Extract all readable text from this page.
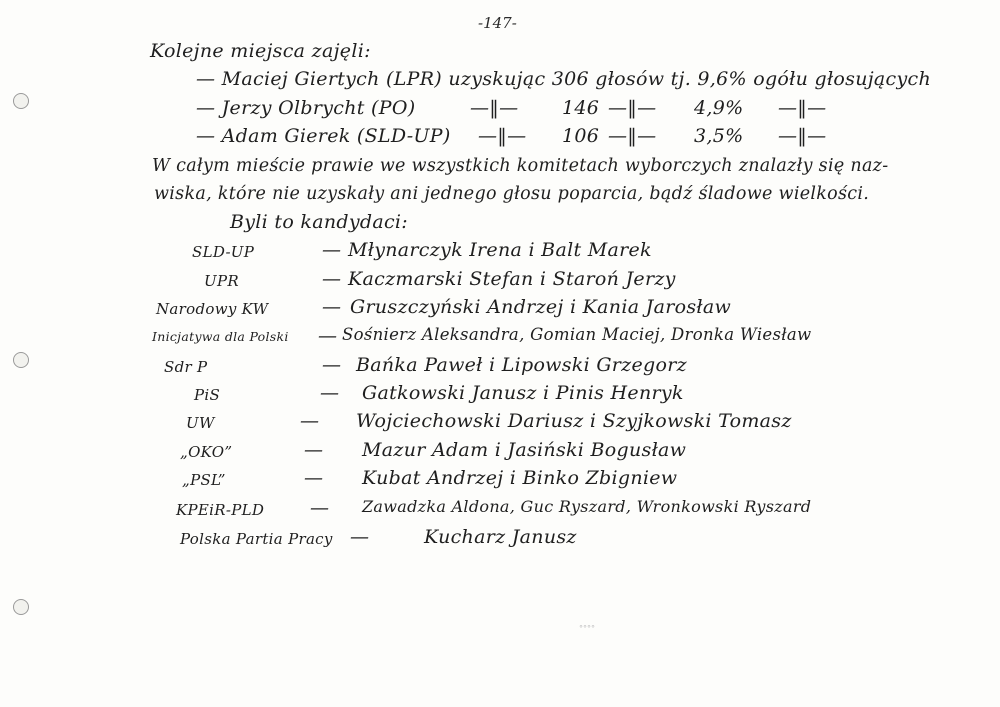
-147-
Kolejne miejsca zajęli:
— Maciej Giertych (LPR) uzyskując 306 głosów tj. 9,6% ogółu głosujących
— Jerzy Olbrycht (PO)	—‖— 146 —‖— 4,9% —‖—
— Adam Gierek (SLD-UP) —‖— 106 —‖— 3,5% —‖—
W całym mieście prawie we wszystkich komitetach wyborczych znalazły się naz-
wiska, które nie uzyskały ani jednego głosu poparcia, bądź śladowe wielkości.
Byli to kandydaci:
SLD-UP	— Młynarczyk Irena i Balt Marek
UPR	— Kaczmarski Stefan i Staroń Jerzy
Narodowy KW	— Gruszczyński Andrzej i Kania Jarosław
Inicjatywa dla Polski — Sośnierz Aleksandra, Gomian Maciej, Dronka Wiesław
Sdr P	— Bańka Paweł i Lipowski Grzegorz
PiS	— Gatkowski Janusz i Pinis Henryk
UW	— Wojciechowski Dariusz i Szyjkowski Tomasz
„OKO”	— Mazur Adam i Jasiński Bogusław
„PSL”	— Kubat Andrzej i Binko Zbigniew
KPEiR-PLD — Zawadzka Aldona, Guc Ryszard, Wronkowski Ryszard
Polska Partia Pracy —	Kucharz Janusz
°°°°
